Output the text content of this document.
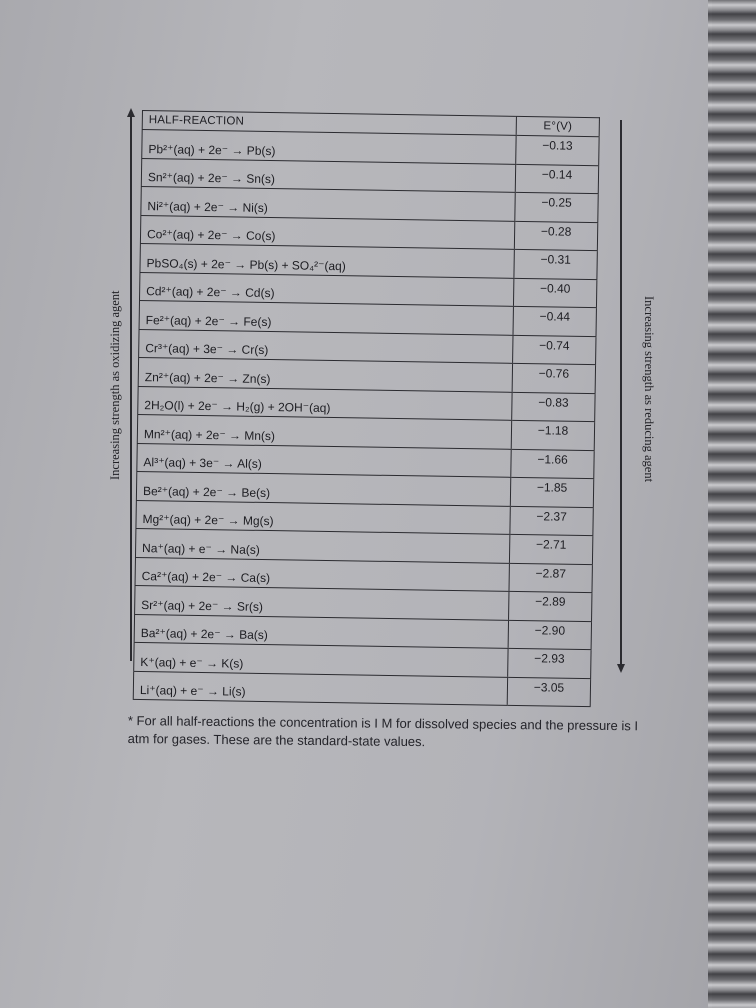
Increasing strength as oxidizing agent	Increasing strength as reducing agent
HALF-REACTION	E°(V)
Pb²⁺(aq) + 2e⁻ → Pb(s)	−0.13
Sn²⁺(aq) + 2e⁻ → Sn(s)	−0.14
Ni²⁺(aq) + 2e⁻ → Ni(s)	−0.25
Co²⁺(aq) + 2e⁻ → Co(s)	−0.28
PbSO₄(s) + 2e⁻ → Pb(s) + SO₄²⁻(aq)	−0.31
Cd²⁺(aq) + 2e⁻ → Cd(s)	−0.40
Fe²⁺(aq) + 2e⁻ → Fe(s)	−0.44
Cr³⁺(aq) + 3e⁻ → Cr(s)	−0.74
Zn²⁺(aq) + 2e⁻ → Zn(s)	−0.76
2H₂O(l) + 2e⁻ → H₂(g) + 2OH⁻(aq)	−0.83
Mn²⁺(aq) + 2e⁻ → Mn(s)	−1.18
Al³⁺(aq) + 3e⁻ → Al(s)	−1.66
Be²⁺(aq) + 2e⁻ → Be(s)	−1.85
Mg²⁺(aq) + 2e⁻ → Mg(s)	−2.37
Na⁺(aq) + e⁻ → Na(s)	−2.71
Ca²⁺(aq) + 2e⁻ → Ca(s)	−2.87
Sr²⁺(aq) + 2e⁻ → Sr(s)	−2.89
Ba²⁺(aq) + 2e⁻ → Ba(s)	−2.90
K⁺(aq) + e⁻ → K(s)	−2.93
Li⁺(aq) + e⁻ → Li(s)	−3.05
* For all half-reactions the concentration is I M for dissolved species and the pressure is I atm for gases. These are the standard-state values.
